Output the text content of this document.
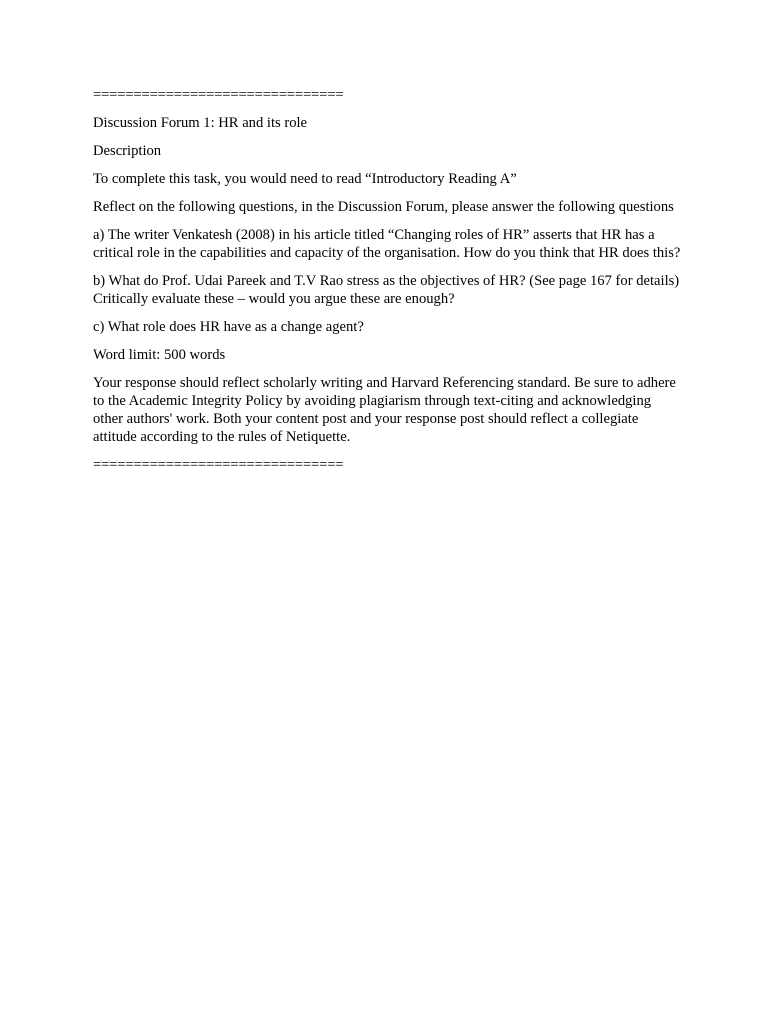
===============================

Discussion Forum 1: HR and its role

Description

To complete this task, you would need to read “Introductory Reading A”

Reflect on the following questions, in the Discussion Forum, please answer the following questions

a) The writer Venkatesh (2008) in his article titled “Changing roles of HR” asserts that HR has a critical role in the capabilities and capacity of the organisation. How do you think that HR does this?

b) What do Prof. Udai Pareek and T.V Rao stress as the objectives of HR? (See page 167 for details) Critically evaluate these – would you argue these are enough?

c) What role does HR have as a change agent?

Word limit: 500 words

Your response should reflect scholarly writing and Harvard Referencing standard. Be sure to adhere to the Academic Integrity Policy by avoiding plagiarism through text-citing and acknowledging other authors' work. Both your content post and your response post should reflect a collegiate attitude according to the rules of Netiquette.

===============================
